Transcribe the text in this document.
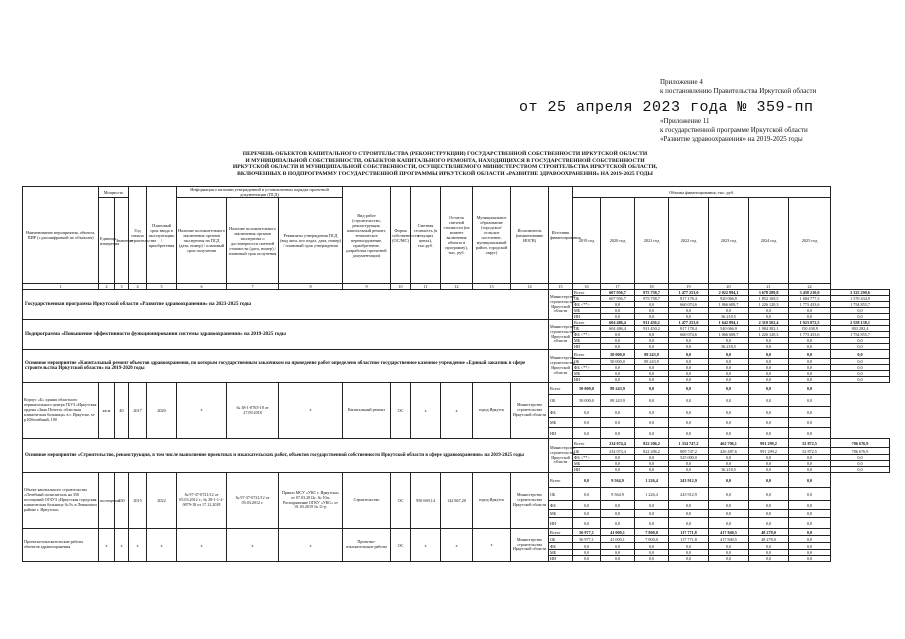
Приложение 4
к постановлению Правительства Иркутской области
от 25 апреля 2023 года № 359-пп
«Приложение 11
к государственной программе Иркутской области
«Развитие здравоохранения» на 2019-2025 годы
ПЕРЕЧЕНЬ ОБЪЕКТОВ КАПИТАЛЬНОГО СТРОИТЕЛЬСТВА (РЕКОНСТРУКЦИИ) ГОСУДАРСТВЕННОЙ СОБСТВЕННОСТИ ИРКУТСКОЙ ОБЛАСТИ
И МУНИЦИПАЛЬНОЙ СОБСТВЕННОСТИ, ОБЪЕКТОВ КАПИТАЛЬНОГО РЕМОНТА, НАХОДЯЩИХСЯ В ГОСУДАРСТВЕННОЙ СОБСТВЕННОСТИ
ИРКУТСКОЙ ОБЛАСТИ И МУНИЦИПАЛЬНОЙ СОБСТВЕННОСТИ, ОСУЩЕСТВЛЯЕМОГО МИНИСТЕРСТВОМ СТРОИТЕЛЬСТВА ИРКУТСКОЙ ОБЛАСТИ,
ВКЛЮЧЕННЫХ В ПОДПРОГРАММУ ГОСУДАРСТВЕННОЙ ПРОГРАММЫ ИРКУТСКОЙ ОБЛАСТИ «РАЗВИТИЕ ЗДРАВООХРАНЕНИЯ» НА 2019-2025 ГОДЫ
Наименование мероприятия, объекта, ПИР (с расшифровкой по объектам)	Мощность		Год начала строительства	Плановый срок ввода в эксплуатацию / приобретения	Информация о наличии утвержденной в установленном порядке проектной документации (ПСД)			Вид работ (строительство, реконструкция, капитальный ремонт, техническое перевооружение, приобретение, разработка проектной документации)	Форма собственности (ОС/МС)	Сметная стоимость (в текущих ценах), тыс.руб.	Остаток сметной стоимости (на момент включения объекта в программу), тыс. руб.	Муниципальное образование (городское/сельское поселение, муниципальный район, городской округ)	Исполнитель (наименование ИОГВ)	Источник финансирования	Объемы финансирования, тыс. руб.							
	Единица измерения	Значение			Наличие положительного заключения органов экспертизы на ПСД (дата, номер) / плановый срок получения	Наличие положительного заключения органов экспертизы о достоверности сметной стоимости (дата, номер) / плановый срок получения	Реквизиты утверждения ПСД (вид акта, кто издал, дата, номер) / плановый срок утверждения								2019 год	2020 год	2021 год	2022 год	2023 год	2024 год	2025 год	
1	2	3	4	5	6	7	8	9	10	11	12	13	14	15	16	17	18	19	20	21	22	
Государственная программа Иркутской области «Развитие здравоохранения» на 2023-2025 годы														Министерство строительства Иркутской области	Всего	607 956,7	975 758,7	1 477 253,0	2 022 894,1	3 678 289,8	3 458 210,0	3 325 290,6
															ОБ	607 956,7	975 758,7	817 178,4	920 066,9	1 852 169,5	1 684 777,3	1 570 434,9
															ФБ <**>	0,0	0,0	660 074,6	1 066 608,7	1 226 120,3	1 773 433,6	1 754 855,7
															МБ	0,0	0,0	0,0	0,0	0,0	0,0	0,0
															ИИ	0,0	0,0	0,0	36 218,5	0,0	0,0	0,0
Подпрограмма «Повышение эффективности функционирования системы здравоохранения» на 2019-2025 годы														Министерство строительства Иркутской области	Всего	604 486,4	911 450,2	1 477 253,0	1 642 894,1	2 310 502,4	1 923 872,5	2 558 138,1
															ОБ	604 486,4	911 450,2	817 178,4	540 066,9	1 084 382,1	150 438,9	803 282,4
															ФБ <**>	0,0	0,0	660 074,6	1 066 608,7	1 226 120,3	1 773 433,6	1 754 855,7
															МБ	0,0	0,0	0,0	0,0	0,0	0,0	0,0
															ИИ	0,0	0,0	0,0	36 218,5	0,0	0,0	0,0
Основное мероприятие «Капитальный ремонт объектов здравоохранения, по которым государственным заказчиком на проведение работ определено областное государственное казенное учреждение «Единый заказчик в сфере строительства Иркутской области» на 2019-2020 годы														Министерство строительства Иркутской области	Всего	50 000,0	89 243,9	0,0	0,0	0,0	0,0	0,0
															ОБ	50 000,0	89 243,9	0,0	0,0	0,0	0,0	0,0
															ФБ <**>	0,0	0,0	0,0	0,0	0,0	0,0	0,0
															МБ	0,0	0,0	0,0	0,0	0,0	0,0	0,0
															ИИ	0,0	0,0	0,0	0,0	0,0	0,0	0,0
Корпус «Б» здания областного перинатального центра ГБУЗ «Иркутская ордена «Знак Почета» областная клиническая больница» в г. Иркутске, м-р Юбилейный, 100	кв.м	40	2017	2020	x	№ 38-1-0765-18 от 27.09.2018	x	Капитальный ремонт	ОС	x	x	город Иркутск	Министерство строительства Иркутской области	Всего	50 000,0	89 243,9	0,0	0,0	0,0	0,0	0,0	
														ОБ	50 000,0	89 243,9	0,0	0,0	0,0	0,0	0,0	
														ФБ	0,0	0,0	0,0	0,0	0,0	0,0	0,0	
														МБ	0,0	0,0	0,0	0,0	0,0	0,0	0,0	
														ИИ	0,0	0,0	0,0	0,0	0,0	0,0	0,0	
Основное мероприятие «Строительство, реконструкция, в том числе выполнение проектных и изыскательских работ, объектов государственной собственности Иркутской области в сфере здравоохранения» на 2019-2025 годы														Министерство строительства Иркутской области	Всего	234 074,4	822 206,2	1 334 747,2	462 706,1	991 299,2	52 872,5	706 676,9
															ОБ	234 074,4	822 206,2	809 747,2	426 487,6	991 299,2	52 872,5	706 676,9
															ФБ <**>	0,0	0,0	525 000,0	0,0	0,0	0,0	0,0
															МБ	0,0	0,0	0,0	0,0	0,0	0,0	0,0
															ИИ	0,0	0,0	0,0	36 218,5	0,0	0,0	0,0
Объект капитального строительства «Лечебный полиспиталь на 350 посещений ОГАУЗ «Иркутская городская клиническая больница № 9» в Ленинском районе г. Иркутска»	посещения	350	2015	2022	№ 97-37-0721/12 от 05.03.2012 г.; № 38-1-1-2-0079-18 от 17.12.2018	№ 97-37-0721/12 от 05.03.2012 г.	Приказ МСУ «УКС г. Иркутска» от 07.03.2012г. № 10п; Распоряжение ОГКУ «УКС» от 01.03.2019 № 11-р	Строительство	ОС	950 669,14	142 867,20	город Иркутск	Министерство строительства Иркутской области	Всего	0,0	9 564,9	1 226,4	243 912,9	0,0	0,0	0,0	
														ОБ	0,0	9 564,9	1 226,4	243 912,9	0,0	0,0	0,0	
														ФБ	0,0	0,0	0,0	0,0	0,0	0,0	0,0	
														МБ	0,0	0,0	0,0	0,0	0,0	0,0	0,0	
														ИИ	0,0	0,0	0,0	0,0	0,0	0,0	0,0	
Проектно-изыскательские работы объектов здравоохранения	x	x	x	x	x	x	x	Проектно-изыскательские работы	ОС	x	x	x	Министерство строительства Иркутской области	Всего	56 977,1	41 000,1	7 800,0	117 771,8	417 840,5	48 278,0	0,0	
														ОБ	56 977,1	41 000,1	7 800,0	117 771,8	417 840,5	48 278,0	0,0	
														ФБ	0,0	0,0	0,0	0,0	0,0	0,0	0,0	
														МБ	0,0	0,0	0,0	0,0	0,0	0,0	0,0	
														ИИ	0,0	0,0	0,0	0,0	0,0	0,0	0,0	
